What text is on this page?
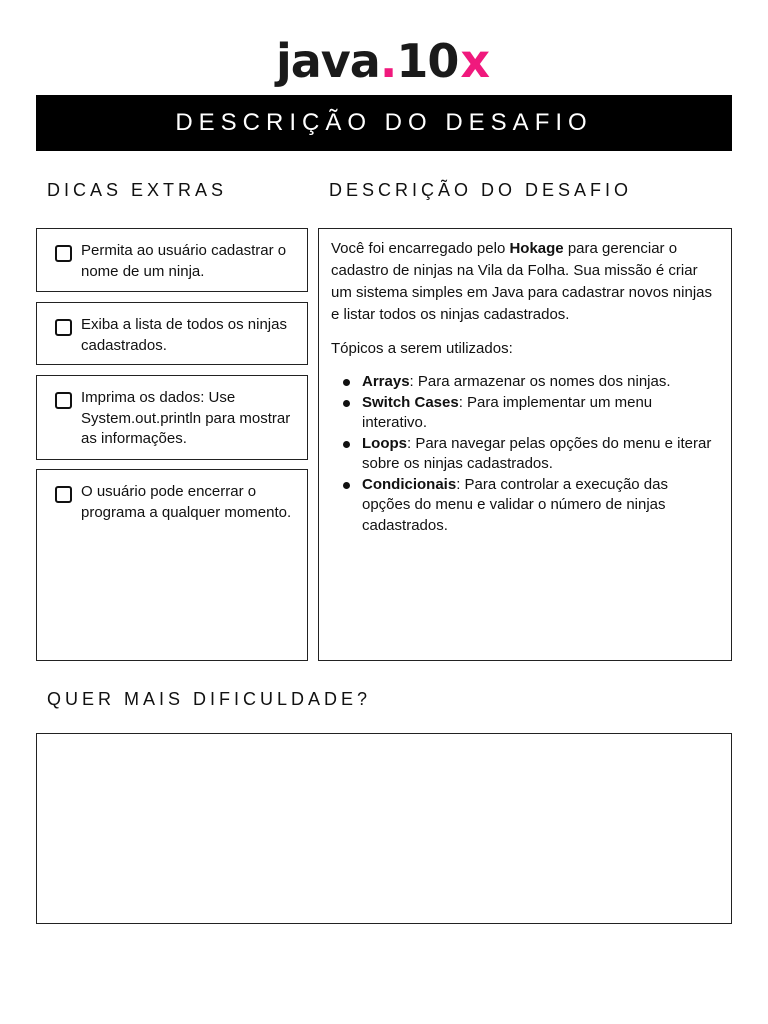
java . 10 x
DESCRIÇÃO DO DESAFIO
DICAS EXTRAS	DESCRIÇÃO DO DESAFIO
Permita ao usuário cadastrar o nome de um ninja.
Exiba a lista de todos os ninjas cadastrados.
Imprima os dados: Use System.out.println para mostrar as informações.
O usuário pode encerrar o programa a qualquer momento.

Você foi encarregado pelo Hokage para gerenciar o cadastro de ninjas na Vila da Folha. Sua missão é criar um sistema simples em Java para cadastrar novos ninjas e listar todos os ninjas cadastrados.

Tópicos a serem utilizados:

Arrays: Para armazenar os nomes dos ninjas.
Switch Cases: Para implementar um menu interativo.
Loops: Para navegar pelas opções do menu e iterar sobre os ninjas cadastrados.
Condicionais: Para controlar a execução das opções do menu e validar o número de ninjas cadastrados.
QUER MAIS DIFICULDADE?
